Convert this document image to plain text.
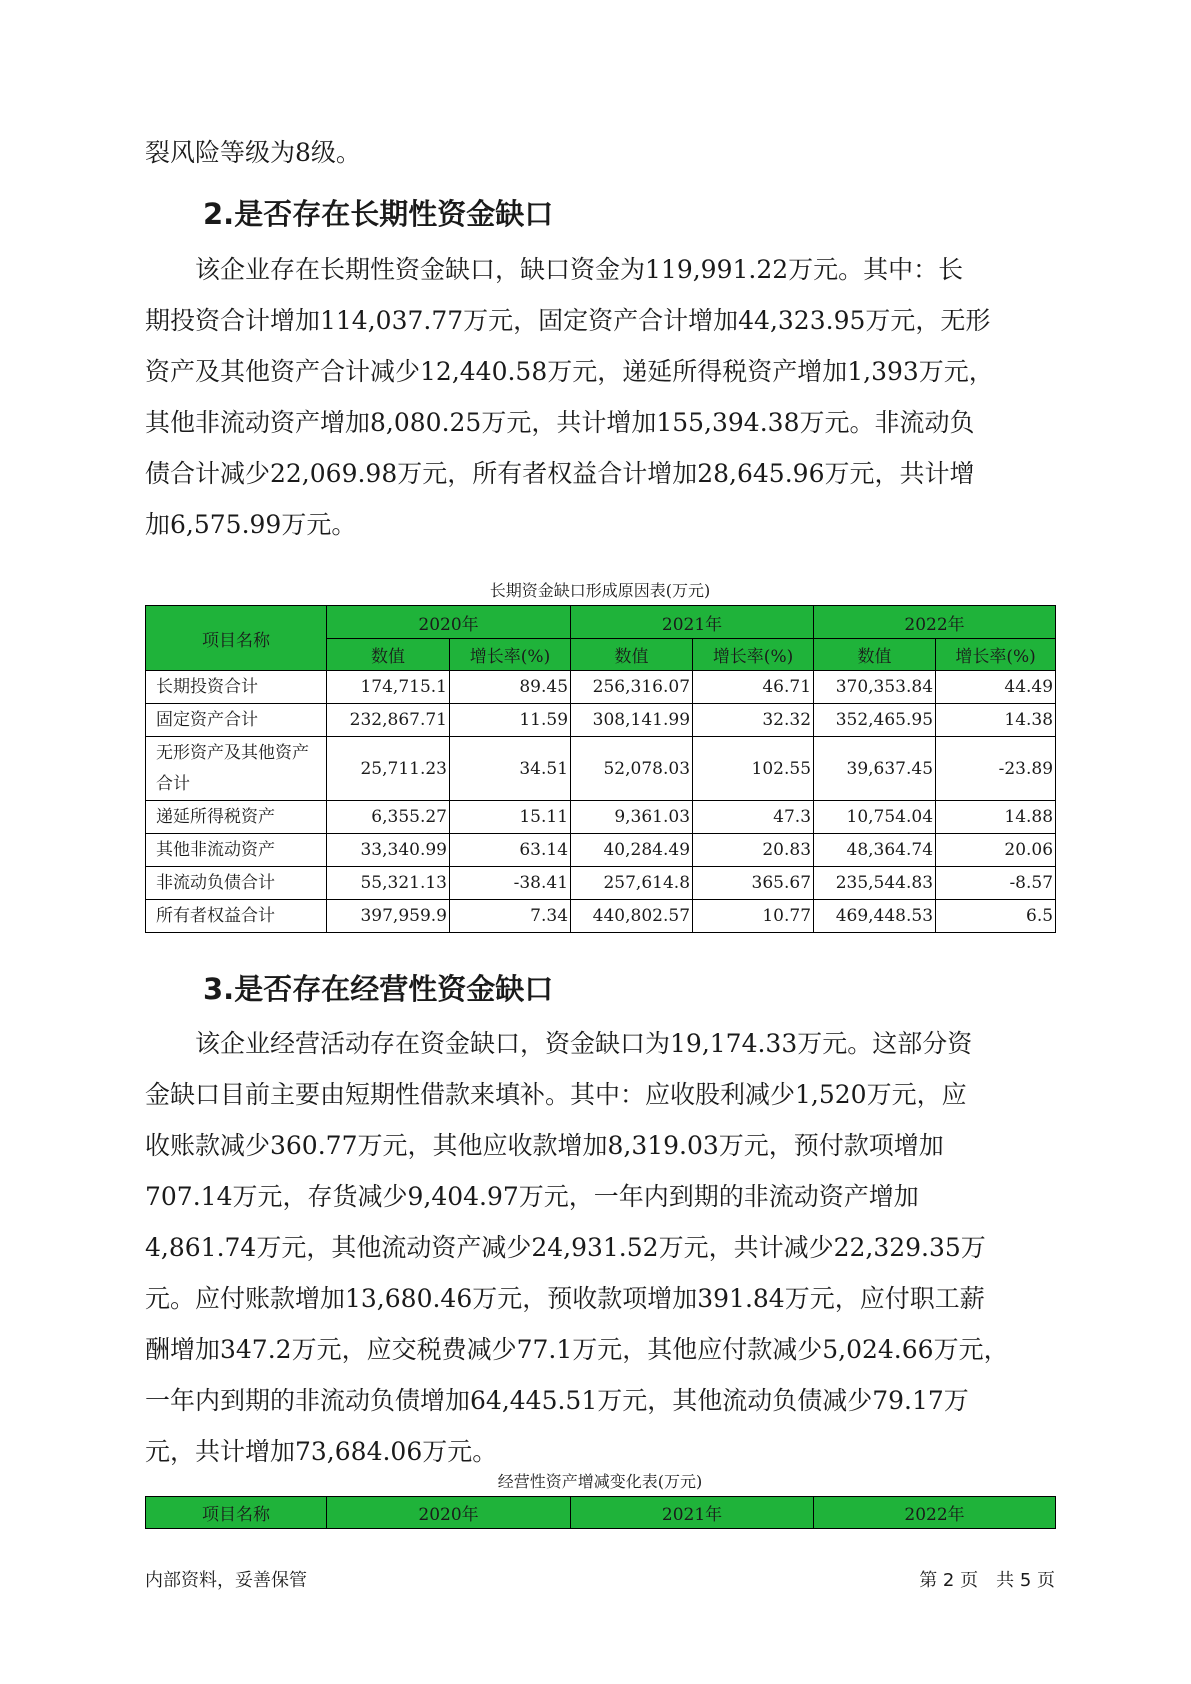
裂风险等级为8级。

2.是否存在长期性资金缺口

　　该企业存在长期性资金缺口，缺口资金为119,991.22万元。其中：长
期投资合计增加114,037.77万元，固定资产合计增加44,323.95万元，无形
资产及其他资产合计减少12,440.58万元，递延所得税资产增加1,393万元，
其他非流动资产增加8,080.25万元，共计增加155,394.38万元。非流动负
债合计减少22,069.98万元，所有者权益合计增加28,645.96万元，共计增
加6,575.99万元。

长期资金缺口形成原因表(万元)

项目名称	2020年		2021年		2022年	
	数值	增长率(%)	数值	增长率(%)	数值	增长率(%)
长期投资合计	174,715.1	89.45	256,316.07	46.71	370,353.84	44.49
固定资产合计	232,867.71	11.59	308,141.99	32.32	352,465.95	14.38
无形资产及其他资产合计	25,711.23	34.51	52,078.03	102.55	39,637.45	-23.89
递延所得税资产	6,355.27	15.11	9,361.03	47.3	10,754.04	14.88
其他非流动资产	33,340.99	63.14	40,284.49	20.83	48,364.74	20.06
非流动负债合计	55,321.13	-38.41	257,614.8	365.67	235,544.83	-8.57
所有者权益合计	397,959.9	7.34	440,802.57	10.77	469,448.53	6.5
3.是否存在经营性资金缺口

　　该企业经营活动存在资金缺口，资金缺口为19,174.33万元。这部分资
金缺口目前主要由短期性借款来填补。其中：应收股利减少1,520万元，应
收账款减少360.77万元，其他应收款增加8,319.03万元，预付款项增加
707.14万元，存货减少9,404.97万元，一年内到期的非流动资产增加
4,861.74万元，其他流动资产减少24,931.52万元，共计减少22,329.35万
元。应付账款增加13,680.46万元，预收款项增加391.84万元，应付职工薪
酬增加347.2万元，应交税费减少77.1万元，其他应付款减少5,024.66万元，
一年内到期的非流动负债增加64,445.51万元，其他流动负债减少79.17万
元，共计增加73,684.06万元。

经营性资产增减变化表(万元)

项目名称	2020年	2021年	2022年
内部资料，妥善保管	第 2 页　共 5 页
